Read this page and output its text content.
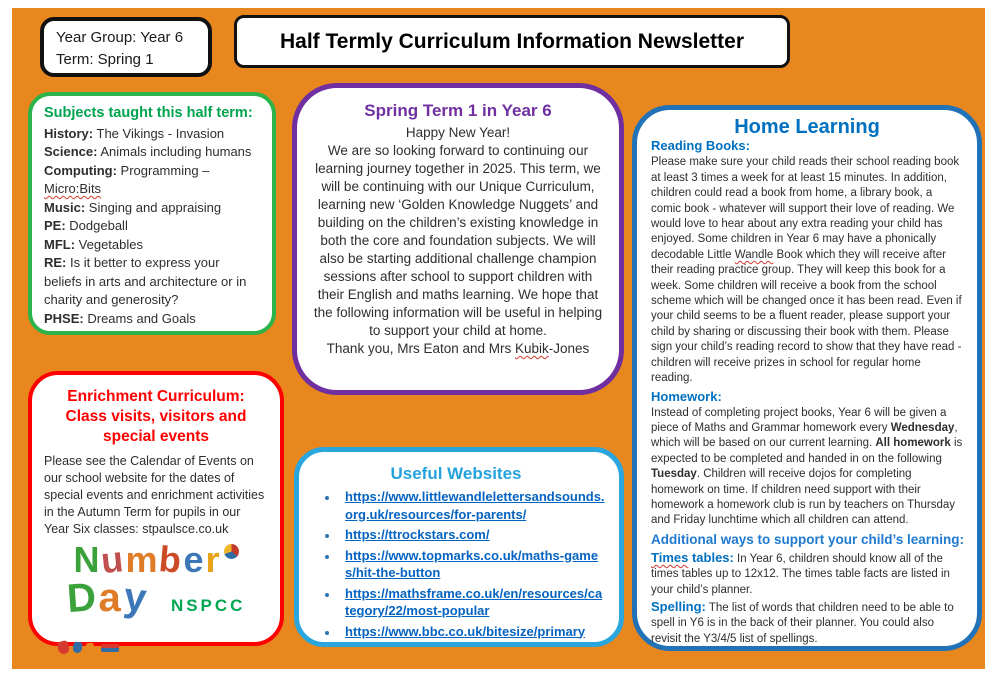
Year Group: Year 6
Term: Spring 1
Half Termly Curriculum Information Newsletter
Subjects taught this half term:

History: The Vikings - Invasion

Science: Animals including humans

Computing: Programming – Micro:Bits

Music: Singing and appraising

PE: Dodgeball

MFL: Vegetables

RE: Is it better to express your beliefs in arts and architecture or in charity and generosity?

PHSE: Dreams and Goals

Spring Term 1 in Year 6

Happy New Year!

We are so looking forward to continuing our learning journey together in 2025. This term, we will be continuing with our Unique Curriculum, learning new ‘Golden Knowledge Nuggets’ and building on the children’s existing knowledge in both the core and foundation subjects. We will also be starting additional challenge champion sessions after school to support children with their English and maths learning. We hope that the following information will be useful in helping to support your child at home.

Thank you, Mrs Eaton and Mrs Kubik-Jones

Enrichment Curriculum:
Class visits, visitors and special events

Please see the Calendar of Events on our school website for the dates of special events and enrichment activities in the Autumn Term for pupils in our Year Six classes: stpaulsce.co.uk

Number
Day NSPCC
Useful Websites
• https://www.littlewandlelettersandsounds.org.uk/resources/for-parents/
• https://ttrockstars.com/
• https://www.topmarks.co.uk/maths-games/hit-the-button
• https://mathsframe.co.uk/en/resources/category/22/most-popular
• https://www.bbc.co.uk/bitesize/primary
Home Learning
Reading Books:

Please make sure your child reads their school reading book at least 3 times a week for at least 15 minutes. In addition, children could read a book from home, a library book, a comic book - whatever will support their love of reading. We would love to hear about any extra reading your child has enjoyed. Some children in Year 6 may have a phonically decodable Little Wandle Book which they will receive after their reading practice group. They will keep this book for a week. Some children will receive a book from the school scheme which will be changed once it has been read. Even if your child seems to be a fluent reader, please support your child by sharing or discussing their book with them. Please sign your child’s reading record to show that they have read - children will receive prizes in school for regular home reading.

Homework:

Instead of completing project books, Year 6 will be given a piece of Maths and Grammar homework every Wednesday, which will be based on our current learning. All homework is expected to be completed and handed in on the following Tuesday. Children will receive dojos for completing homework on time. If children need support with their homework a homework club is run by teachers on Thursday and Friday lunchtime which all children can attend.

Additional ways to support your child’s learning:

Times tables: In Year 6, children should know all of the times tables up to 12x12. The times table facts are listed in your child’s planner.

Spelling: The list of words that children need to be able to spell in Y6 is in the back of their planner. You could also revisit the Y3/4/5 list of spellings.
